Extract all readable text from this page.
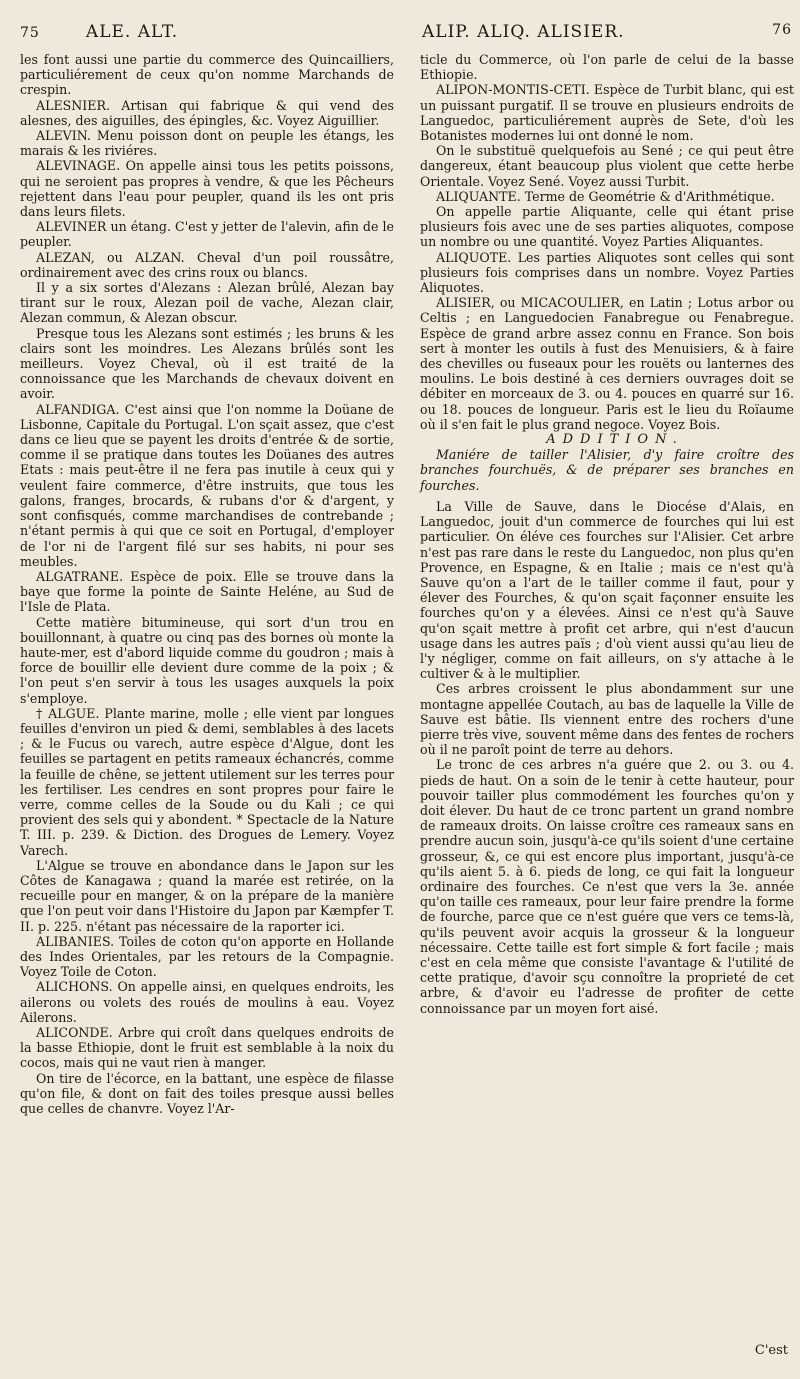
75	ALE. ALT.	ALIP. ALIQ. ALISIER.	76

les font aussi une partie du commerce des Quincailliers, particuliérement de ceux qu'on nomme Marchands de crespin.

ALESNIER. Artisan qui fabrique & qui vend des alesnes, des aiguilles, des épingles, &c. Voyez Aiguillier.

ALEVIN. Menu poisson dont on peuple les étangs, les marais & les riviéres.

ALEVINAGE. On appelle ainsi tous les petits poissons, qui ne seroient pas propres à vendre, & que les Pêcheurs rejettent dans l'eau pour peupler, quand ils les ont pris dans leurs filets.

ALEVINER un étang. C'est y jetter de l'alevin, afin de le peupler.

ALEZAN, ou ALZAN. Cheval d'un poil roussâtre, ordinairement avec des crins roux ou blancs.

Il y a six sortes d'Alezans : Alezan brûlé, Alezan bay tirant sur le roux, Alezan poil de vache, Alezan clair, Alezan commun, & Alezan obscur.

Presque tous les Alezans sont estimés ; les bruns & les clairs sont les moindres. Les Alezans brûlés sont les meilleurs. Voyez Cheval, où il est traité de la connoissance que les Marchands de chevaux doivent en avoir.

ALFANDIGA. C'est ainsi que l'on nomme la Doüane de Lisbonne, Capitale du Portugal. L'on sçait assez, que c'est dans ce lieu que se payent les droits d'entrée & de sortie, comme il se pratique dans toutes les Doüanes des autres Etats : mais peut-être il ne fera pas inutile à ceux qui y veulent faire commerce, d'être instruits, que tous les galons, franges, brocards, & rubans d'or & d'argent, y sont confisqués, comme marchandises de contrebande ; n'étant permis à qui que ce soit en Portugal, d'employer de l'or ni de l'argent filé sur ses habits, ni pour ses meubles.

ALGATRANE. Espèce de poix. Elle se trouve dans la baye que forme la pointe de Sainte Heléne, au Sud de l'Isle de Plata.

Cette matière bitumineuse, qui sort d'un trou en bouillonnant, à quatre ou cinq pas des bornes où monte la haute-mer, est d'abord liquide comme du goudron ; mais à force de bouillir elle devient dure comme de la poix ; & l'on peut s'en servir à tous les usages auxquels la poix s'employe.

† ALGUE. Plante marine, molle ; elle vient par longues feuilles d'environ un pied & demi, semblables à des lacets ; & le Fucus ou varech, autre espèce d'Algue, dont les feuilles se partagent en petits rameaux échancrés, comme la feuille de chêne, se jettent utilement sur les terres pour les fertiliser. Les cendres en sont propres pour faire le verre, comme celles de la Soude ou du Kali ; ce qui provient des sels qui y abondent. * Spectacle de la Nature T. III. p. 239. & Diction. des Drogues de Lemery. Voyez Varech.

L'Algue se trouve en abondance dans le Japon sur les Côtes de Kanagawa ; quand la marée est retirée, on la recueille pour en manger, & on la prépare de la manière que l'on peut voir dans l'Histoire du Japon par Kæmpfer T. II. p. 225. n'étant pas nécessaire de la raporter ici.

ALIBANIES. Toiles de coton qu'on apporte en Hollande des Indes Orientales, par les retours de la Compagnie. Voyez Toile de Coton.

ALICHONS. On appelle ainsi, en quelques endroits, les ailerons ou volets des roués de moulins à eau. Voyez Ailerons.

ALICONDE. Arbre qui croît dans quelques endroits de la basse Ethiopie, dont le fruit est semblable à la noix du cocos, mais qui ne vaut rien à manger.

On tire de l'écorce, en la battant, une espèce de filasse qu'on file, & dont on fait des toiles presque aussi belles que celles de chanvre. Voyez l'Ar-

ticle du Commerce, où l'on parle de celui de la basse Ethiopie.

ALIPON-MONTIS-CETI. Espèce de Turbit blanc, qui est un puissant purgatif. Il se trouve en plusieurs endroits de Languedoc, particuliérement auprès de Sete, d'où les Botanistes modernes lui ont donné le nom.

On le substituë quelquefois au Sené ; ce qui peut être dangereux, étant beaucoup plus violent que cette herbe Orientale. Voyez Sené. Voyez aussi Turbit.

ALIQUANTE. Terme de Geométrie & d'Arithmétique.

On appelle partie Aliquante, celle qui étant prise plusieurs fois avec une de ses parties aliquotes, compose un nombre ou une quantité. Voyez Parties Aliquantes.

ALIQUOTE. Les parties Aliquotes sont celles qui sont plusieurs fois comprises dans un nombre. Voyez Parties Aliquotes.

ALISIER, ou MICACOULIER, en Latin ; Lotus arbor ou Celtis ; en Languedocien Fanabregue ou Fenabregue. Espèce de grand arbre assez connu en France. Son bois sert à monter les outils à fust des Menuisiers, & à faire des chevilles ou fuseaux pour les rouëts ou lanternes des moulins. Le bois destiné à ces derniers ouvrages doit se débiter en morceaux de 3. ou 4. pouces en quarré sur 16. ou 18. pouces de longueur. Paris est le lieu du Roïaume où il s'en fait le plus grand negoce. Voyez Bois.

ADDITION.

Maniére de tailler l'Alisier, d'y faire croître des branches fourchuës, & de préparer ses branches en fourches.

La Ville de Sauve, dans le Diocése d'Alais, en Languedoc, jouit d'un commerce de fourches qui lui est particulier. On éléve ces fourches sur l'Alisier. Cet arbre n'est pas rare dans le reste du Languedoc, non plus qu'en Provence, en Espagne, & en Italie ; mais ce n'est qu'à Sauve qu'on a l'art de le tailler comme il faut, pour y élever des Fourches, & qu'on sçait façonner ensuite les fourches qu'on y a élevées. Ainsi ce n'est qu'à Sauve qu'on sçait mettre à profit cet arbre, qui n'est d'aucun usage dans les autres païs ; d'où vient aussi qu'au lieu de l'y négliger, comme on fait ailleurs, on s'y attache à le cultiver & à le multiplier.

Ces arbres croissent le plus abondamment sur une montagne appellée Coutach, au bas de laquelle la Ville de Sauve est bâtie. Ils viennent entre des rochers d'une pierre très vive, souvent même dans des fentes de rochers où il ne paroît point de terre au dehors.

Le tronc de ces arbres n'a guére que 2. ou 3. ou 4. pieds de haut. On a soin de le tenir à cette hauteur, pour pouvoir tailler plus commodément les fourches qu'on y doit élever. Du haut de ce tronc partent un grand nombre de rameaux droits. On laisse croître ces rameaux sans en prendre aucun soin, jusqu'à-ce qu'ils soient d'une certaine grosseur, &, ce qui est encore plus important, jusqu'à-ce qu'ils aient 5. à 6. pieds de long, ce qui fait la longueur ordinaire des fourches. Ce n'est que vers la 3e. année qu'on taille ces rameaux, pour leur faire prendre la forme de fourche, parce que ce n'est guére que vers ce tems-là, qu'ils peuvent avoir acquis la grosseur & la longueur nécessaire. Cette taille est fort simple & fort facile ; mais c'est en cela même que consiste l'avantage & l'utilité de cette pratique, d'avoir sçu connoître la proprieté de cet arbre, & d'avoir eu l'adresse de profiter de cette connoissance par un moyen fort aisé.

C'est
